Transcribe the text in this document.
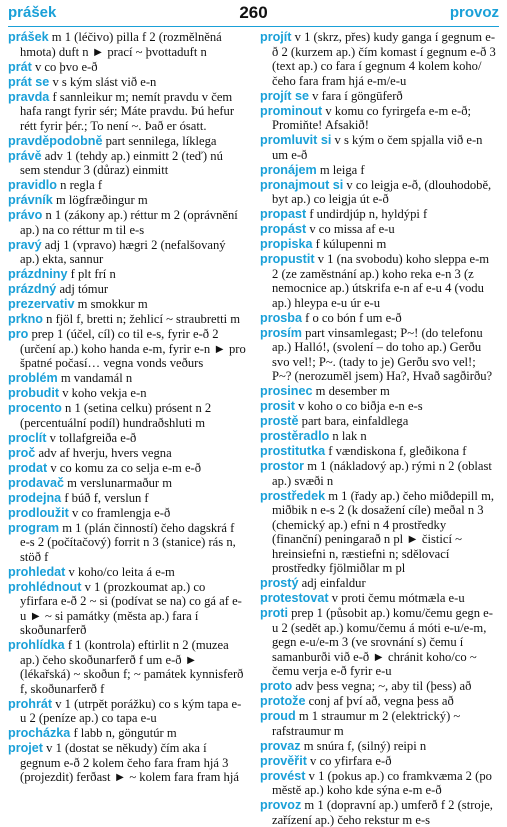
prášek	260	provoz
prášek m 1 (léčivo) pilla f 2 (rozmělněná hmota) duft n ► prací ~ þvottaduft n
prát v co þvo e-ð
prát se v s kým slást við e-n
pravda f sannleikur m; nemít pravdu v čem hafa rangt fyrir sér; Máte pravdu. Þú hefur rétt fyrir þér.; To není ~. Það er ósatt.
pravděpodobně part sennilega, líklega
právě adv 1 (tehdy ap.) einmitt 2 (teď) nú sem stendur 3 (důraz) einmitt
pravidlo n regla f
právník m lögfræðingur m
právo n 1 (zákony ap.) réttur m 2 (oprávnění ap.) na co réttur m til e-s
pravý adj 1 (vpravo) hægri 2 (nefalšovaný ap.) ekta, sannur
prázdniny f plt frí n
prázdný adj tómur
prezervativ m smokkur m
prkno n fjöl f, bretti n; žehlicí ~ straubretti m
pro prep 1 (účel, cíl) co til e-s, fyrir e-ð 2 (určení ap.) koho handa e-m, fyrir e-n ► pro špatné počasí… vegna vonds veðurs
problém m vandamál n
probudit v koho vekja e-n
procento n 1 (setina celku) prósent n 2 (percentuální podíl) hundraðshluti m
proclít v tollafgreiða e-ð
proč adv af hverju, hvers vegna
prodat v co komu za co selja e-m e-ð
prodavač m verslunarmaður m
prodejna f búð f, verslun f
prodloužit v co framlengja e-ð
program m 1 (plán činností) čeho dagskrá f e-s 2 (počítačový) forrit n 3 (stanice) rás n, stöð f
prohledat v koho/co leita á e-m
prohlédnout v 1 (prozkoumat ap.) co yfirfara e-ð 2 ~ si (podívat se na) co gá af e-u ► ~ si památky (města ap.) fara í skoðunarferð
prohlídka f 1 (kontrola) eftirlit n 2 (muzea ap.) čeho skoðunarferð f um e-ð ► (lékařská) ~ skoðun f; ~ památek kynnisferð f, skoðunarferð f
prohrát v 1 (utrpět porážku) co s kým tapa e-u 2 (peníze ap.) co tapa e-u
procházka f labb n, göngutúr m
projet v 1 (dostat se někudy) čím aka í gegnum e-ð 2 kolem čeho fara fram hjá 3 (projezdit) ferðast ► ~ kolem fara fram hjá
projít v 1 (skrz, přes) kudy ganga í gegnum e-ð 2 (kurzem ap.) čím komast í gegnum e-ð 3 (text ap.) co fara í gegnum 4 kolem koho/čeho fara fram hjá e-m/e-u
projít se v fara í göngūferð
prominout v komu co fyrirgefa e-m e-ð; Promiňte! Afsakið!
promluvit si v s kým o čem spjalla við e-n um e-ð
pronájem m leiga f
pronajmout si v co leigja e-ð, (dlouhodobě, byt ap.) co leigja út e-ð
propast f undirdjúp n, hyldýpi f
propást v co missa af e-u
propiska f kúlupenni m
propustit v 1 (na svobodu) koho sleppa e-m 2 (ze zaměstnání ap.) koho reka e-n 3 (z nemocnice ap.) útskrifa e-n af e-u 4 (vodu ap.) hleypa e-u úr e-u
prosba f o co bón f um e-ð
prosím part vinsamlegast; P~! (do telefonu ap.) Halló!, (svolení – do toho ap.) Gerðu svo vel!; P~. (tady to je) Gerðu svo vel!; P~? (nerozuměl jsem) Ha?, Hvað sagðirðu?
prosinec m desember m
prosit v koho o co biðja e-n e-s
prostě part bara, einfaldlega
prostěradlo n lak n
prostitutka f vændiskona f, gleðikona f
prostor m 1 (nákladový ap.) rými n 2 (oblast ap.) svæði n
prostředek m 1 (řady ap.) čeho miðdepill m, miðbik n e-s 2 (k dosažení cíle) meðal n 3 (chemický ap.) efni n 4 prostředky (finanční) peningarað n pl ► čisticí ~ hreinsiefni n, ræstiefni n; sdělovací prostředky fjölmiðlar m pl
prostý adj einfaldur
protestovat v proti čemu mótmæla e-u
proti prep 1 (působit ap.) komu/čemu gegn e-u 2 (sedět ap.) komu/čemu á móti e-u/e-m, gegn e-u/e-m 3 (ve srovnání s) čemu í samanburði við e-ð ► chránit koho/co ~ čemu verja e-ð fyrir e-u
proto adv þess vegna; ~, aby til (þess) að
protože conj af því að, vegna þess að
proud m 1 straumur m 2 (elektrický) ~ rafstraumur m
provaz m snúra f, (silný) reipi n
prověřit v co yfirfara e-ð
provést v 1 (pokus ap.) co framkvæma 2 (po městě ap.) koho kde sýna e-m e-ð
provoz m 1 (dopravní ap.) umferð f 2 (stroje, zařízení ap.) čeho rekstur m e-s
